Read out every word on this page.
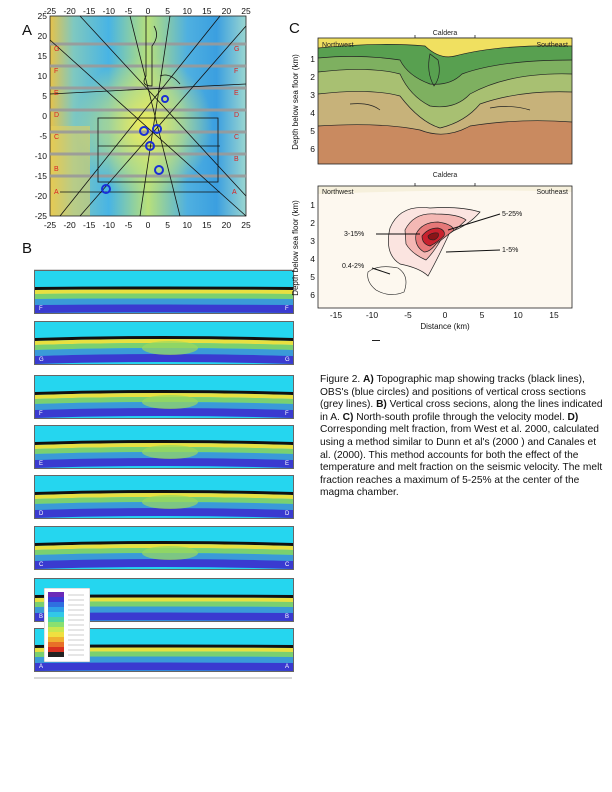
A
G	G
F	F
E	E
D	D
C	C
B
B
A	A
-25 -20 -15 -10 -5 0 5 10 15 20 25
-25 -20 -15 -10 -5 0 5 10 15 20 25
25
20
15
10
5
0
-5
-10
-15
-20
-25
B
F	F
G	G
F	F
E	E
D	D
C	C
B	B
A	A
C	Caldera
Northwest	Southeast
1
2
3
4
5
6
Depth below sea floor (km)
Caldera
Northwest	Southeast
5-25%
3-15%
1-5%
0.4-2%
1
2
3
4
5
6
-15	-10	-5	0	5	10	15
Distance (km)
Depth below sea floor (km)
Figure 2. A) Topographic map showing tracks (black lines), OBS's (blue circles) and positions of vertical cross sections (grey lines). B) Vertical cross secions, along the lines indicated in A. C) North-south profile through the velocity model. D) Corresponding melt fraction, from West et al. 2000, calculated using a method similar to Dunn et al's (2000 ) and Canales et al. (2000). This method accounts for both the effect of the temperature and melt fraction on the seismic velocity. The melt fraction reaches a maximum of 5-25% at the center of the magma chamber.
